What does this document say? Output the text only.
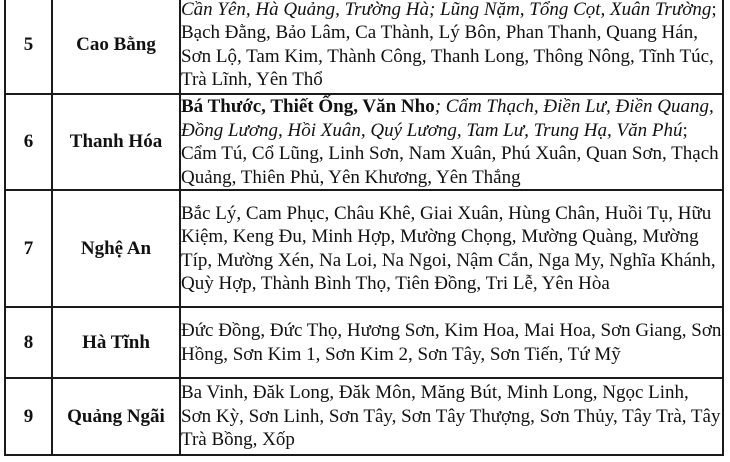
5	Cao Bằng	Cần Yên, Hà Quảng, Trường Hà; Lũng Nặm, Tổng Cọt, Xuân Trường; Bạch Đằng, Bảo Lâm, Ca Thành, Lý Bôn, Phan Thanh, Quang Hán, Sơn Lộ, Tam Kim, Thành Công, Thanh Long, Thông Nông, Tĩnh Túc, Trà Lĩnh, Yên Thổ
6	Thanh Hóa	Bá Thước, Thiết Ống, Văn Nho; Cẩm Thạch, Điền Lư, Điền Quang, Đồng Lương, Hồi Xuân, Quý Lương, Tam Lư, Trung Hạ, Văn Phú; Cẩm Tú, Cổ Lũng, Linh Sơn, Nam Xuân, Phú Xuân, Quan Sơn, Thạch Quảng, Thiên Phủ, Yên Khương, Yên Thắng
7	Nghệ An	Bắc Lý, Cam Phục, Châu Khê, Giai Xuân, Hùng Chân, Huồi Tụ, Hữu Kiệm, Keng Đu, Minh Hợp, Mường Chọng, Mường Quàng, Mường Típ, Mường Xén, Na Loi, Na Ngoi, Nậm Cắn, Nga My, Nghĩa Khánh, Quỳ Hợp, Thành Bình Thọ, Tiên Đồng, Tri Lễ, Yên Hòa
8	Hà Tĩnh	Đức Đồng, Đức Thọ, Hương Sơn, Kim Hoa, Mai Hoa, Sơn Giang, Sơn Hồng, Sơn Kim 1, Sơn Kim 2, Sơn Tây, Sơn Tiến, Tứ Mỹ
9	Quảng Ngãi	Ba Vinh, Đăk Long, Đăk Môn, Măng Bút, Minh Long, Ngọc Linh, Sơn Kỳ, Sơn Linh, Sơn Tây, Sơn Tây Thượng, Sơn Thủy, Tây Trà, Tây Trà Bồng, Xốp
